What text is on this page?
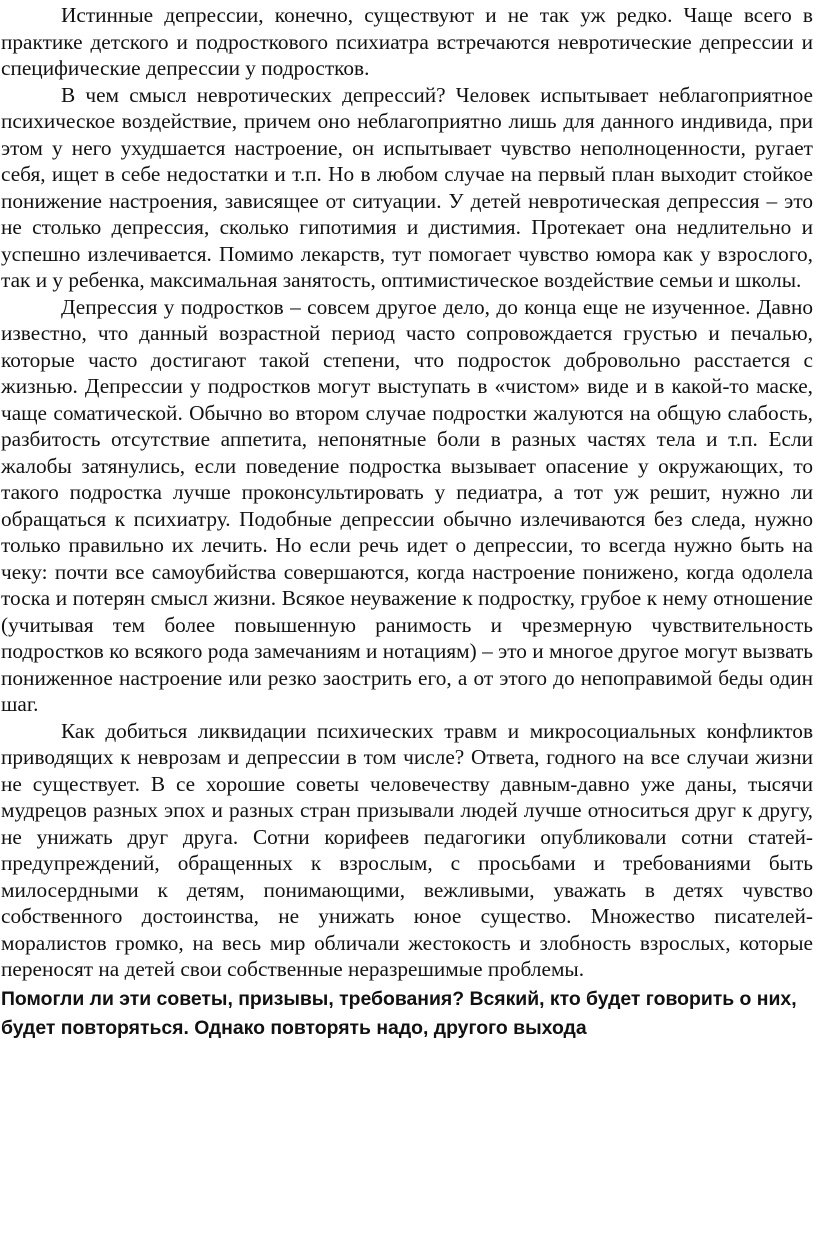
Истинные депрессии, конечно, существуют и не так уж редко. Чаще всего в практике детского и подросткового психиатра встречаются невротические депрессии и специфические депрессии у подростков.

В чем смысл невротических депрессий? Человек испытывает неблагоприятное психическое воздействие, причем оно неблагоприятно лишь для данного индивида, при этом у него ухудшается настроение, он испытывает чувство неполноценности, ругает себя, ищет в себе недостатки и т.п. Но в любом случае на первый план выходит стойкое понижение настроения, зависящее от ситуации. У детей невротическая депрессия – это не столько депрессия, сколько гипотимия и дистимия. Протекает она недлительно и успешно излечивается. Помимо лекарств, тут помогает чувство юмора как у взрослого, так и у ребенка, максимальная занятость, оптимистическое воздействие семьи и школы.

Депрессия у подростков – совсем другое дело, до конца еще не изученное. Давно известно, что данный возрастной период часто сопровождается грустью и печалью, которые часто достигают такой степени, что подросток добровольно расстается с жизнью. Депрессии у подростков могут выступать в «чистом» виде и в какой-то маске, чаще соматической. Обычно во втором случае подростки жалуются на общую слабость, разбитость отсутствие аппетита, непонятные боли в разных частях тела и т.п. Если жалобы затянулись, если поведение подростка вызывает опасение у окружающих, то такого подростка лучше проконсультировать у педиатра, а тот уж решит, нужно ли обращаться к психиатру. Подобные депрессии обычно излечиваются без следа, нужно только правильно их лечить. Но если речь идет о депрессии, то всегда нужно быть на чеку: почти все самоубийства совершаются, когда настроение понижено, когда одолела тоска и потерян смысл жизни. Всякое неуважение к подростку, грубое к нему отношение (учитывая тем более повышенную ранимость и чрезмерную чувствительность подростков ко всякого рода замечаниям и нотациям) – это и многое другое могут вызвать пониженное настроение или резко заострить его, а от этого до непоправимой беды один шаг.

Как добиться ликвидации психических травм и микросоциальных конфликтов приводящих к неврозам и депрессии в том числе? Ответа, годного на все случаи жизни не существует. В се хорошие советы человечеству давным-давно уже даны, тысячи мудрецов разных эпох и разных стран призывали людей лучше относиться друг к другу, не унижать друг друга. Сотни корифеев педагогики опубликовали сотни статей-предупреждений, обращенных к взрослым, с просьбами и требованиями быть милосердными к детям, понимающими, вежливыми, уважать в детях чувство собственного достоинства, не унижать юное существо. Множество писателей-моралистов громко, на весь мир обличали жестокость и злобность взрослых, которые переносят на детей свои собственные неразрешимые проблемы.

Помогли ли эти советы, призывы, требования? Всякий, кто будет говорить о них, будет повторяться. Однако повторять надо, другого выхода
